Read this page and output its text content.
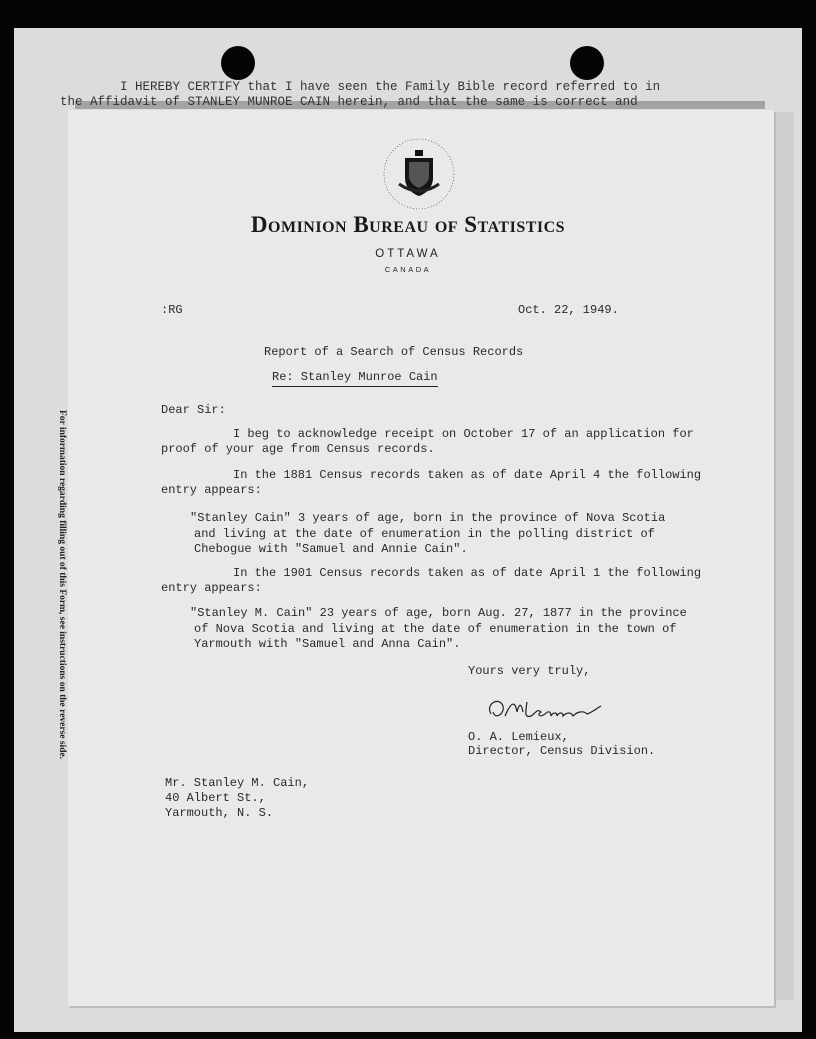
For information regarding filling out of this Form, see instructions on the reverse side.
I HEREBY CERTIFY that I have seen the Family Bible record referred to in
the Affidavit of STANLEY MUNROE CAIN herein, and that the same is correct and
Dominion Bureau of Statistics
OTTAWA
CANADA
:RG	Oct. 22, 1949.
Report of a Search of Census Records
Re: Stanley Munroe Cain
Dear Sir:
I beg to acknowledge receipt on October 17 of an application for
proof of your age from Census records.
In the 1881 Census records taken as of date April 4 the following
entry appears:
"Stanley Cain" 3 years of age, born in the province of Nova Scotia
and living at the date of enumeration in the polling district of
Chebogue with "Samuel and Annie Cain".
In the 1901 Census records taken as of date April 1 the following
entry appears:
"Stanley M. Cain" 23 years of age, born Aug. 27, 1877 in the province
of Nova Scotia and living at the date of enumeration in the town of
Yarmouth with "Samuel and Anna Cain".
Yours very truly,
O. A. Lemieux,
Director, Census Division.
Mr. Stanley M. Cain,
40 Albert St.,
Yarmouth, N. S.
